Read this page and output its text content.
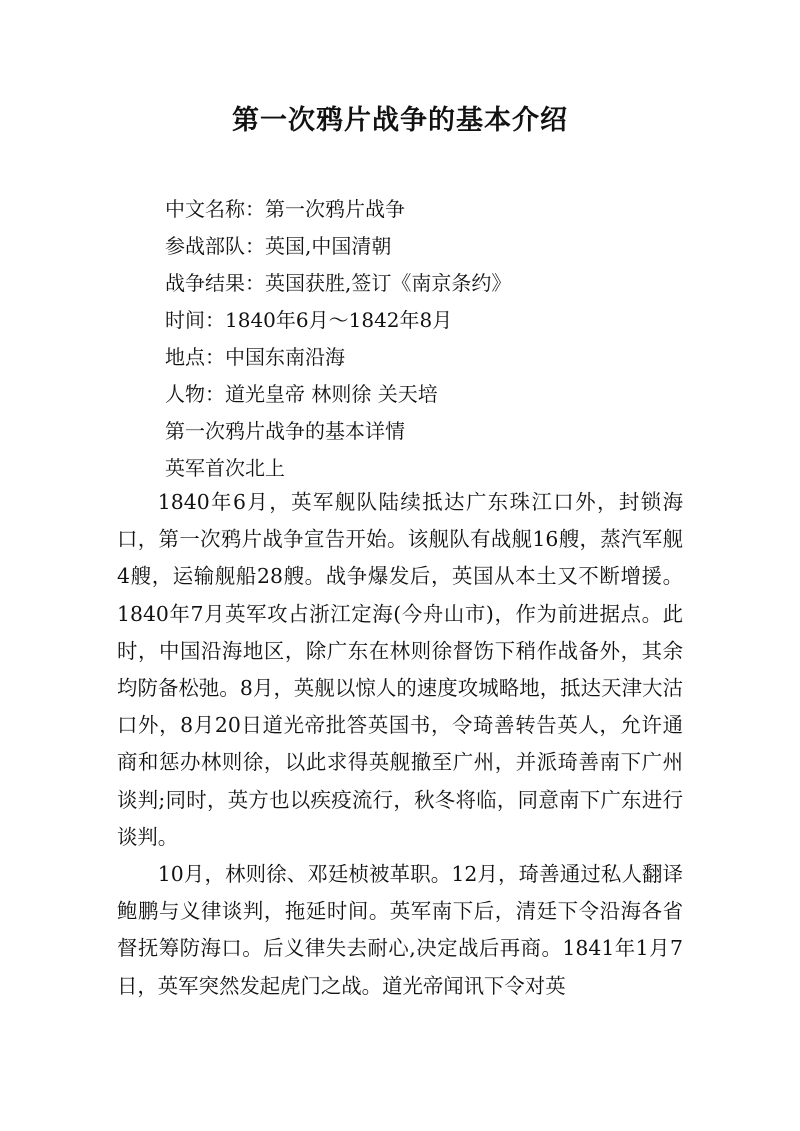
第一次鸦片战争的基本介绍
中文名称：第一次鸦片战争
参战部队：英国,中国清朝
战争结果：英国获胜,签订《南京条约》
时间：1840年6月～1842年8月
地点：中国东南沿海
人物：道光皇帝 林则徐 关天培
第一次鸦片战争的基本详情
英军首次北上

1840年6月，英军舰队陆续抵达广东珠江口外，封锁海口，第一次鸦片战争宣告开始。该舰队有战舰16艘，蒸汽军舰4艘，运输舰船28艘。战争爆发后，英国从本土又不断增援。1840年7月英军攻占浙江定海(今舟山市)，作为前进据点。此时，中国沿海地区，除广东在林则徐督饬下稍作战备外，其余均防备松弛。8月，英舰以惊人的速度攻城略地，抵达天津大沽口外，8月20日道光帝批答英国书，令琦善转告英人，允许通商和惩办林则徐，以此求得英舰撤至广州，并派琦善南下广州谈判;同时，英方也以疾疫流行，秋冬将临，同意南下广东进行谈判。

10月，林则徐、邓廷桢被革职。12月，琦善通过私人翻译鲍鹏与义律谈判，拖延时间。英军南下后，清廷下令沿海各省督抚筹防海口。后义律失去耐心,决定战后再商。1841年1月7日，英军突然发起虎门之战。道光帝闻讯下令对英
